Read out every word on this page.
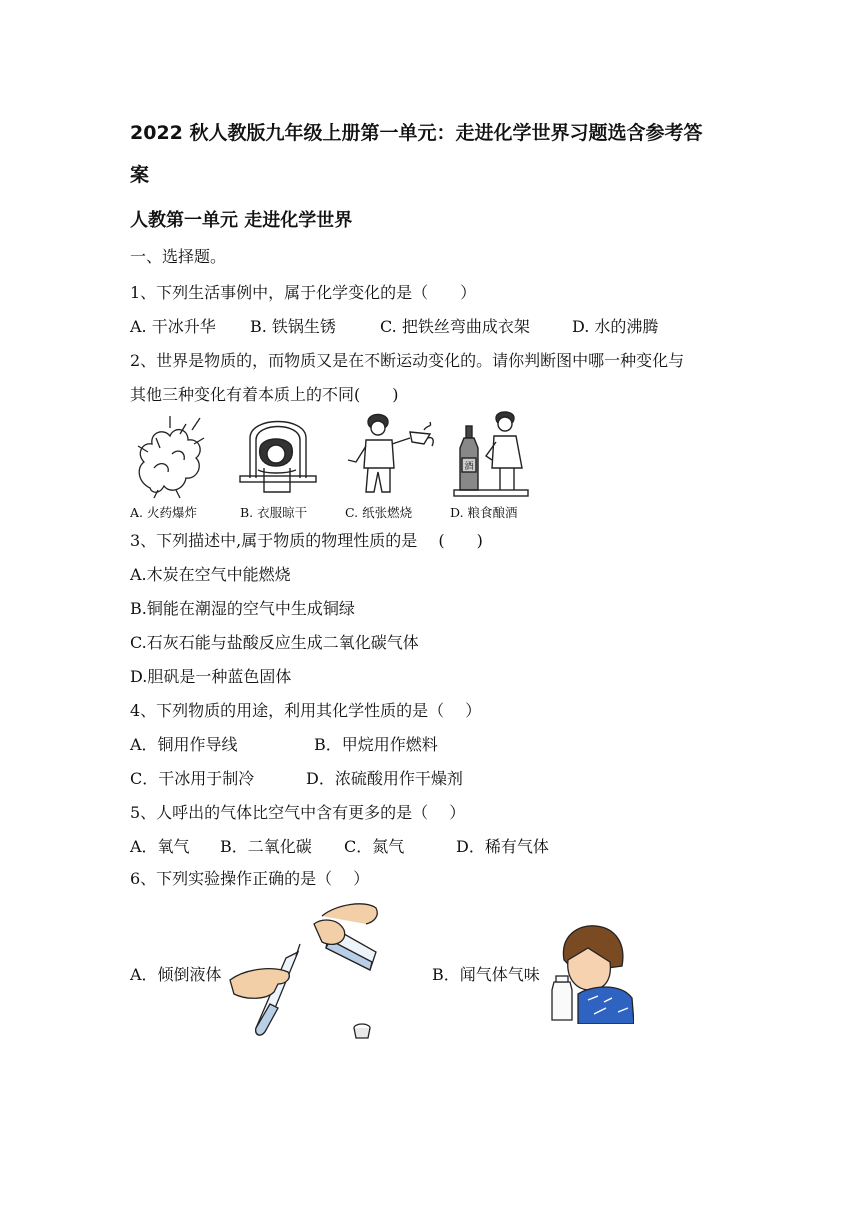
2022 秋人教版九年级上册第一单元：走进化学世界习题选含参考答
案
人教第一单元 走进化学世界
一、选择题。
1、下列生活事例中，属于化学变化的是（　　）
A. 干冰升华 B. 铁锅生锈	C. 把铁丝弯曲成衣架	D. 水的沸腾
2、世界是物质的，而物质又是在不断运动变化的。请你判断图中哪一种变化与
其他三种变化有着本质上的不同(　　)
酒
A. 火药爆炸	B. 衣服晾干	C. 纸张燃烧	D. 粮食酿酒
3、下列描述中,属于物质的物理性质的是　 (　　)
A.木炭在空气中能燃烧
B.铜能在潮湿的空气中生成铜绿
C.石灰石能与盐酸反应生成二氧化碳气体
D.胆矾是一种蓝色固体
4、下列物质的用途，利用其化学性质的是（　 ）
A．铜用作导线	B．甲烷用作燃料
C．干冰用于制冷	D．浓硫酸用作干燥剂
5、人呼出的气体比空气中含有更多的是（　 ）
A．氧气 B．二氧化碳 C．氮气	D．稀有气体
6、下列实验操作正确的是（　 ）
A．倾倒液体	B．闻气体气味
